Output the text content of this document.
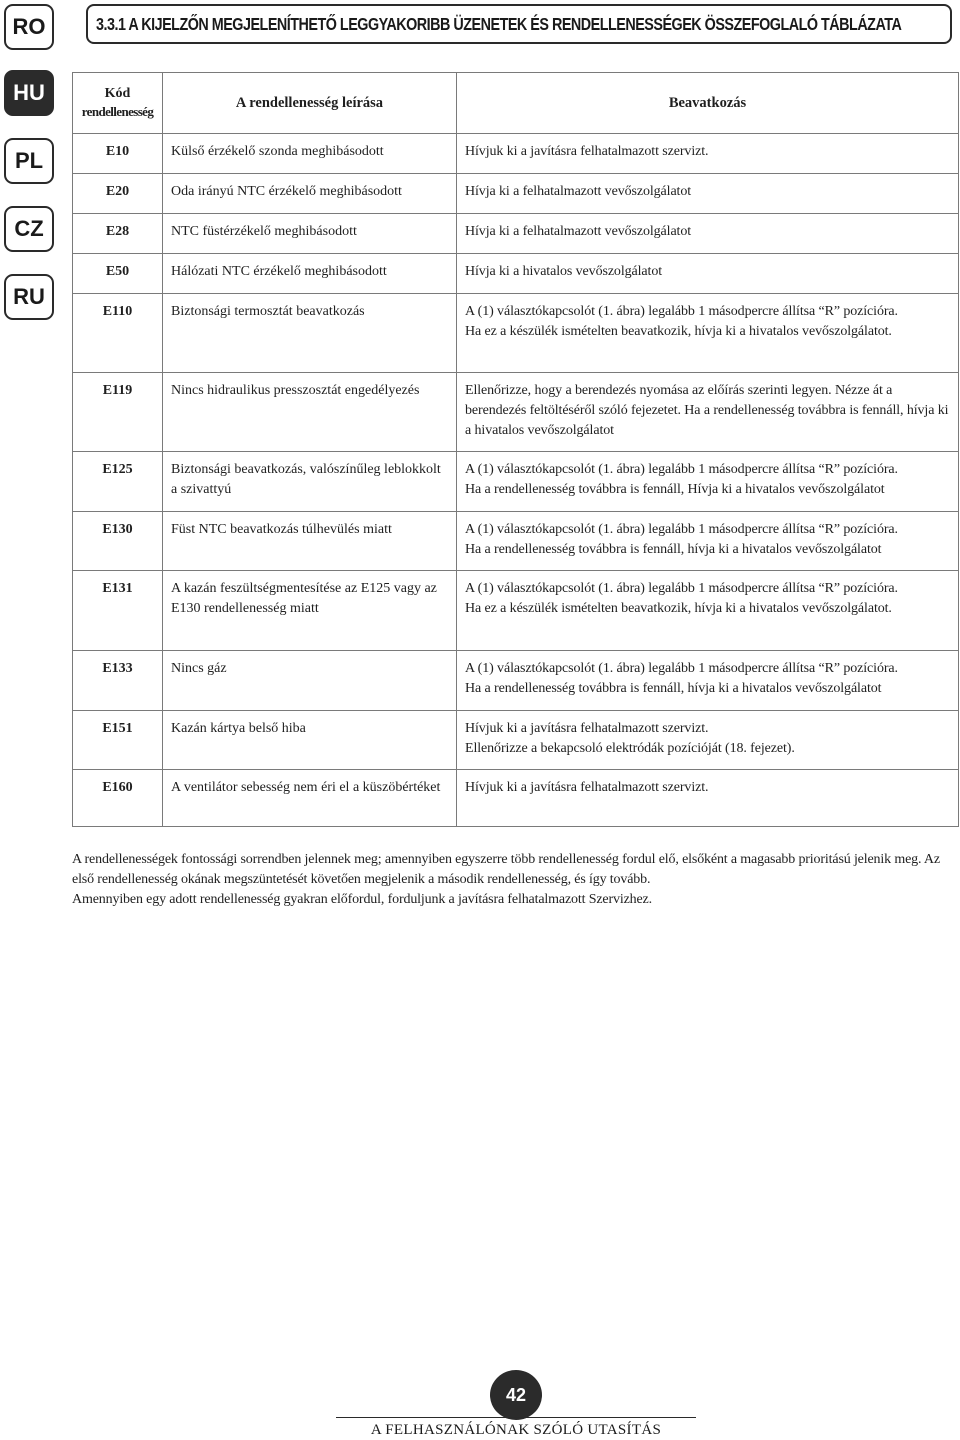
RO
HU
PL
CZ
RU
3.3.1 A KIJELZŐN MEGJELENÍTHETŐ LEGGYAKORIBB ÜZENETEK ÉS RENDELLENESSÉGEK ÖSSZEFOGLALÓ TÁBLÁZATA
Kód
rendellenesség	A rendellenesség leírása	Beavatkozás
E10	Külső érzékelő szonda meghibásodott	Hívjuk ki a javításra felhatalmazott szervizt.
E20	Oda irányú NTC érzékelő meghibásodott	Hívja ki a felhatalmazott vevőszolgálatot
E28	NTC füstérzékelő meghibásodott	Hívja ki a felhatalmazott vevőszolgálatot
E50	Hálózati NTC érzékelő meghibásodott	Hívja ki a hivatalos vevőszolgálatot
E110	Biztonsági termosztát beavatkozás	A (1) választókapcsolót (1. ábra) legalább 1 másodpercre állítsa “R” pozícióra.
Ha ez a készülék ismételten beavatkozik, hívja ki a hivatalos vevőszolgálatot.
E119	Nincs hidraulikus presszosztát engedélyezés	Ellenőrizze, hogy a berendezés nyomása az előírás szerinti legyen. Nézze át a berendezés feltöltéséről szóló fejezetet. Ha a rendellenesség továbbra is fennáll, hívja ki a hivatalos vevőszolgálatot
E125	Biztonsági beavatkozás, valószínűleg leblokkolt a szivattyú	A (1) választókapcsolót (1. ábra) legalább 1 másodpercre állítsa “R” pozícióra.
Ha a rendellenesség továbbra is fennáll, Hívja ki a hivatalos vevőszolgálatot
E130	Füst NTC beavatkozás túlhevülés miatt	A (1) választókapcsolót (1. ábra) legalább 1 másodpercre állítsa “R” pozícióra.
Ha a rendellenesség továbbra is fennáll, hívja ki a hivatalos vevőszolgálatot
E131	A kazán feszültségmentesítése az E125 vagy az E130 rendellenesség miatt	A (1) választókapcsolót (1. ábra) legalább 1 másodpercre állítsa “R” pozícióra.
Ha ez a készülék ismételten beavatkozik, hívja ki a hivatalos vevőszolgálatot.
E133	Nincs gáz	A (1) választókapcsolót (1. ábra) legalább 1 másodpercre állítsa “R” pozícióra.
Ha a rendellenesség továbbra is fennáll, hívja ki a hivatalos vevőszolgálatot
E151	Kazán kártya belső hiba	Hívjuk ki a javításra felhatalmazott szervizt.
Ellenőrizze a bekapcsoló elektródák pozícióját (18. fejezet).
E160	A ventilátor sebesség nem éri el a küszöbértéket	Hívjuk ki a javításra felhatalmazott szervizt.

A rendellenességek fontossági sorrendben jelennek meg; amennyiben egyszerre több rendellenesség fordul elő, elsőként a magasabb prioritású jelenik meg. Az első rendellenesség okának megszüntetését követően megjelenik a második rendellenesség, és így tovább.

Amennyiben egy adott rendellenesség gyakran előfordul, forduljunk a javításra felhatalmazott Szervizhez.

42
A FELHASZNÁLÓNAK SZÓLÓ UTASÍTÁS
